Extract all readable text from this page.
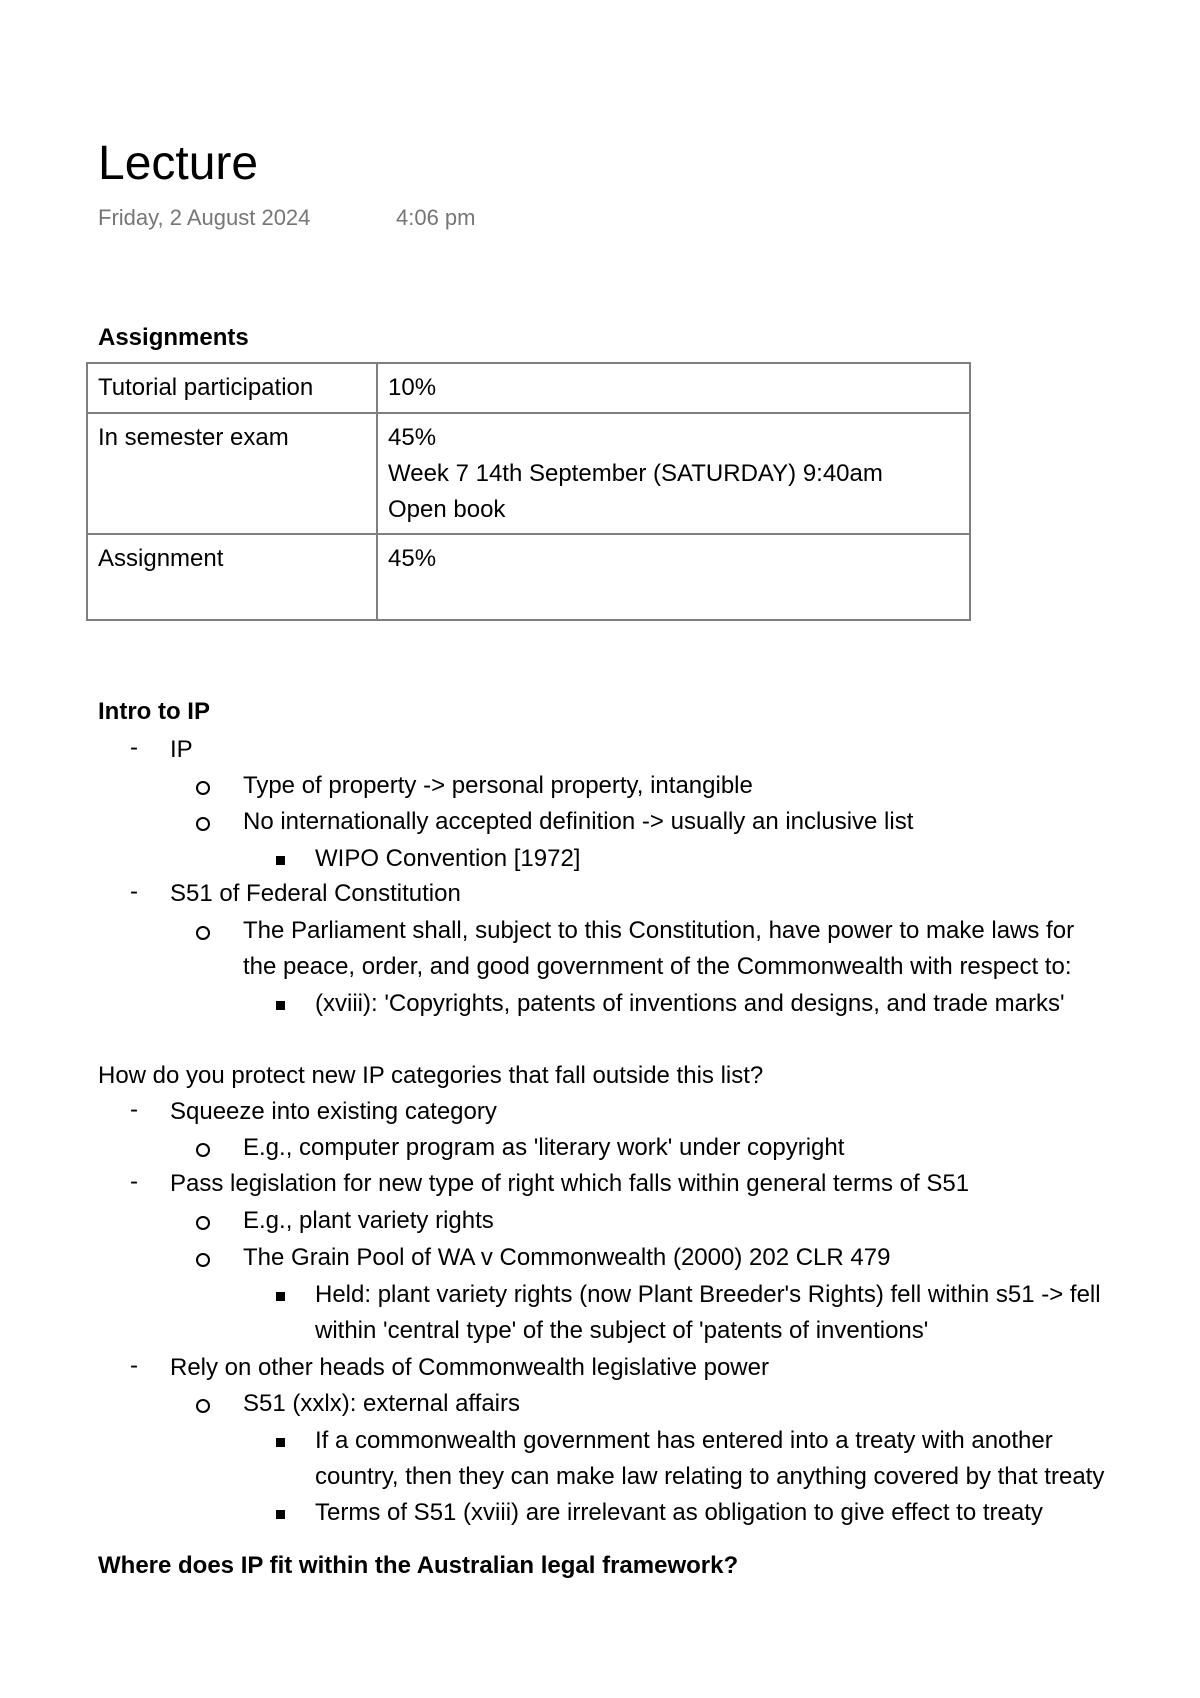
Lecture
Friday, 2 August 2024	4:06 pm
Assignments
Tutorial participation	10%

In semester exam	45%
Week 7 14th September (SATURDAY) 9:40am
Open book

Assignment	45%
Intro to IP
- IP
Type of property -> personal property, intangible
No internationally accepted definition -> usually an inclusive list
WIPO Convention [1972]
- S51 of Federal Constitution
The Parliament shall, subject to this Constitution, have power to make laws for
the peace, order, and good government of the Commonwealth with respect to:
(xviii): 'Copyrights, patents of inventions and designs, and trade marks'
How do you protect new IP categories that fall outside this list?
- Squeeze into existing category
E.g., computer program as 'literary work' under copyright
- Pass legislation for new type of right which falls within general terms of S51
E.g., plant variety rights
The Grain Pool of WA v Commonwealth (2000) 202 CLR 479
Held: plant variety rights (now Plant Breeder's Rights) fell within s51 -> fell
within 'central type' of the subject of 'patents of inventions'
- Rely on other heads of Commonwealth legislative power
S51 (xxlx): external affairs
If a commonwealth government has entered into a treaty with another
country, then they can make law relating to anything covered by that treaty
Terms of S51 (xviii) are irrelevant as obligation to give effect to treaty
Where does IP fit within the Australian legal framework?
